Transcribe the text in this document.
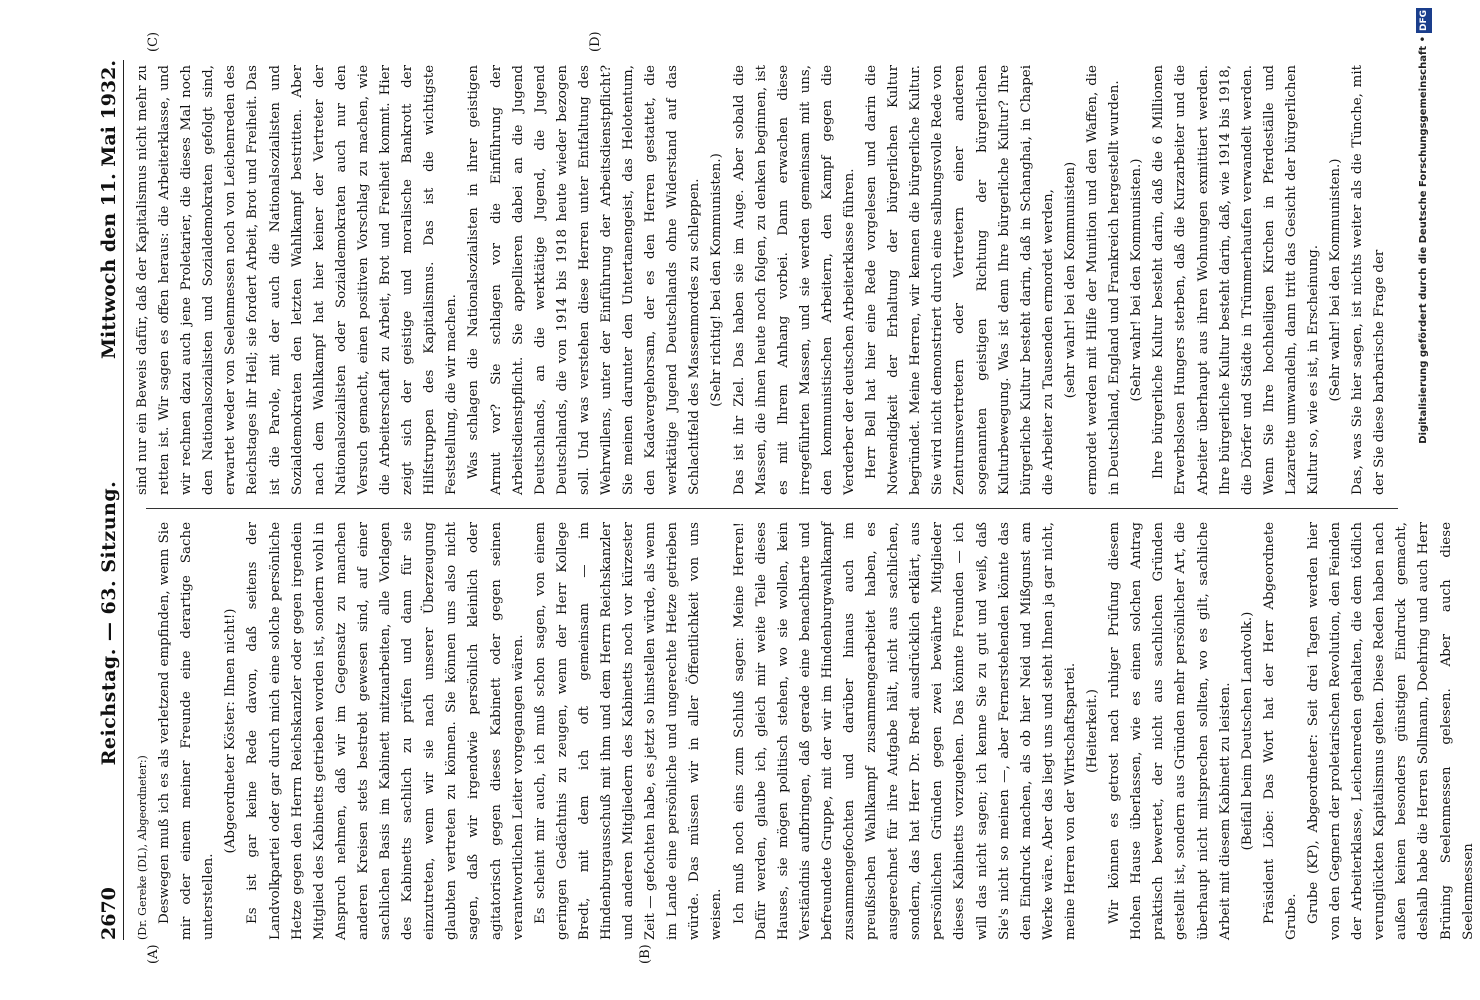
2670
Reichstag. — 63. Sitzung.
Mittwoch den 11. Mai 1932.
(A)	(B)
(C)	(D)

(Dr. Gereke (DL), Abgeordneter:) Deswegen muß ich es als verletzend empfinden, wenn Sie mir oder einem meiner Freunde eine derartige Sache unterstellen.

(Abgeordneter Köster: Ihnen nicht!) Es ist gar keine Rede davon, daß seitens der Landvolkpartei oder gar durch mich eine solche persönliche Hetze gegen den Herrn Reichskanzler oder gegen irgendein Mitglied des Kabinetts getrieben worden ist, sondern wohl in Anspruch nehmen, daß wir im Gegensatz zu manchen anderen Kreisen stets bestrebt gewesen sind, auf einer sachlichen Basis im Kabinett mitzuarbeiten, alle Vorlagen des Kabinetts sachlich zu prüfen und dann für sie einzutreten, wenn wir sie nach unserer Überzeugung glaubten vertreten zu können. Sie können uns also nicht sagen, daß wir irgendwie persönlich kleinlich oder agitatorisch gegen dieses Kabinett oder gegen seinen verantwortlichen Leiter vorgegangen wären. Es scheint mir auch, ich muß schon sagen, von einem geringen Gedächtnis zu zeugen, wenn der Herr Kollege Bredt, mit dem ich oft gemeinsam — im Hindenburgausschuß mit ihm und dem Herrn Reichskanzler und anderen Mitgliedern des Kabinetts noch vor kürzester Zeit — gefochten habe, es jetzt so hinstellen würde, als wenn im Lande eine persönliche und ungerechte Hetze getrieben würde. Das müssen wir in aller Öffentlichkeit von uns weisen. Ich muß noch eins zum Schluß sagen: Meine Herren! Dafür werden, glaube ich, gleich mir weite Teile dieses Hauses, sie mögen politisch stehen, wo sie wollen, kein Verständnis aufbringen, daß gerade eine benachbarte und befreundete Gruppe, mit der wir im Hindenburgwahlkampf zusammengefochten und darüber hinaus auch im preußischen Wahlkampf zusammengearbeitet haben, es ausgerechnet für ihre Aufgabe hält, nicht aus sachlichen, sondern, das hat Herr Dr. Bredt ausdrücklich erklärt, aus persönlichen Gründen gegen zwei bewährte Mitglieder dieses Kabinetts vorzugehen. Das könnte Freunden — ich will das nicht sagen; ich kenne Sie zu gut und weiß, daß Sie's nicht so meinen —, aber Fernerstehenden könnte das den Eindruck machen, als ob hier Neid und Mißgunst am Werke wäre. Aber das liegt uns und steht Ihnen ja gar nicht, meine Herren von der Wirtschaftspartei. (Heiterkeit.) Wir können es getrost nach ruhiger Prüfung diesem Hohen Hause überlassen, wie es einen solchen Antrag praktisch bewertet, der nicht aus sachlichen Gründen gestellt ist, sondern aus Gründen mehr persönlicher Art, die überhaupt nicht mitsprechen sollten, wo es gilt, sachliche Arbeit mit diesem Kabinett zu leisten. (Beifall beim Deutschen Landvolk.) Präsident Löbe: Das Wort hat der Herr Abgeordnete Grube. Grube (KP), Abgeordneter: Seit drei Tagen werden hier von den Gegnern der proletarischen Revolution, den Feinden der Arbeiterklasse, Leichenreden gehalten, die dem tödlich verunglückten Kapitalismus gelten. Diese Reden haben nach außen keinen besonders günstigen Eindruck gemacht, deshalb habe die Herren Sollmann, Doehring und auch Herr Brüning Seelenmessen gelesen. Aber auch diese Seelenmessen

sind nur ein Beweis dafür, daß der Kapitalismus nicht mehr zu retten ist. Wir sagen es offen heraus: die Arbeiterklasse, und wir rechnen dazu auch jene Proletarier, die dieses Mal noch den Nationalsozialisten und Sozialdemokraten gefolgt sind, erwartet weder von Seelenmessen noch von Leichenreden des Reichstages ihr Heil; sie fordert Arbeit, Brot und Freiheit. Das ist die Parole, mit der auch die Nationalsozialisten und Sozialdemokraten den letzten Wahlkampf bestritten. Aber nach dem Wahlkampf hat hier keiner der Vertreter der Nationalsozialisten oder Sozialdemokraten auch nur den Versuch gemacht, einen positiven Vorschlag zu machen, wie die Arbeiterschaft zu Arbeit, Brot und Freiheit kommt. Hier zeigt sich der geistige und moralische Bankrott der Hilfstruppen des Kapitalismus. Das ist die wichtigste Feststellung, die wir machen. Was schlagen die Nationalsozialisten in ihrer geistigen Armut vor? Sie schlagen vor die Einführung der Arbeitsdienstpflicht. Sie appellieren dabei an die Jugend Deutschlands, an die werktätige Jugend, die Jugend Deutschlands, die von 1914 bis 1918 heute wieder bezogen soll. Und was verstehen diese Herren unter Entfaltung des Wehrwillens, unter der Einführung der Arbeitsdienstpflicht? Sie meinen darunter den Untertanengeist, das Helotentum, den Kadavergehorsam, der es den Herren gestattet, die werktätige Jugend Deutschlands ohne Widerstand auf das Schlachtfeld des Massenmordes zu schleppen. (Sehr richtig! bei den Kommunisten.) Das ist ihr Ziel. Das haben sie im Auge. Aber sobald die Massen, die ihnen heute noch folgen, zu denken beginnen, ist es mit Ihrem Anhang vorbei. Dann erwachen diese irregeführten Massen, und sie werden gemeinsam mit uns, den kommunistischen Arbeitern, den Kampf gegen die Verderber der deutschen Arbeiterklasse führen. Herr Bell hat hier eine Rede vorgelesen und darin die Notwendigkeit der Erhaltung der bürgerlichen Kultur begründet. Meine Herren, wir kennen die bürgerliche Kultur. Sie wird nicht demonstriert durch eine salbungsvolle Rede von Zentrumsvertretern oder Vertretern einer anderen sogenannten geistigen Richtung der bürgerlichen Kulturbewegung. Was ist denn Ihre bürgerliche Kultur? Ihre bürgerliche Kultur besteht darin, daß in Schanghai, in Chapei die Arbeiter zu Tausenden ermordet werden, (sehr wahr! bei den Kommunisten) ermordet werden mit Hilfe der Munition und den Waffen, die in Deutschland, England und Frankreich hergestellt wurden. (Sehr wahr! bei den Kommunisten.) Ihre bürgerliche Kultur besteht darin, daß die 6 Millionen Erwerbslosen Hungers sterben, daß die Kurzarbeiter und die Arbeiter überhaupt aus ihren Wohnungen exmittiert werden. Ihre bürgerliche Kultur besteht darin, daß, wie 1914 bis 1918, die Dörfer und Städte in Trümmerhaufen verwandelt werden. Wenn Sie Ihre hochheiligen Kirchen in Pferdeställe und Lazarette umwandeln, dann tritt das Gesicht der bürgerlichen Kultur so, wie es ist, in Erscheinung. (Sehr wahr! bei den Kommunisten.) Das, was Sie hier sagen, ist nichts weiter als die Tünche, mit der Sie diese barbarische Frage der	Digitalisierung gefördert durch die Deutsche Forschungsgemeinschaft •DFG
